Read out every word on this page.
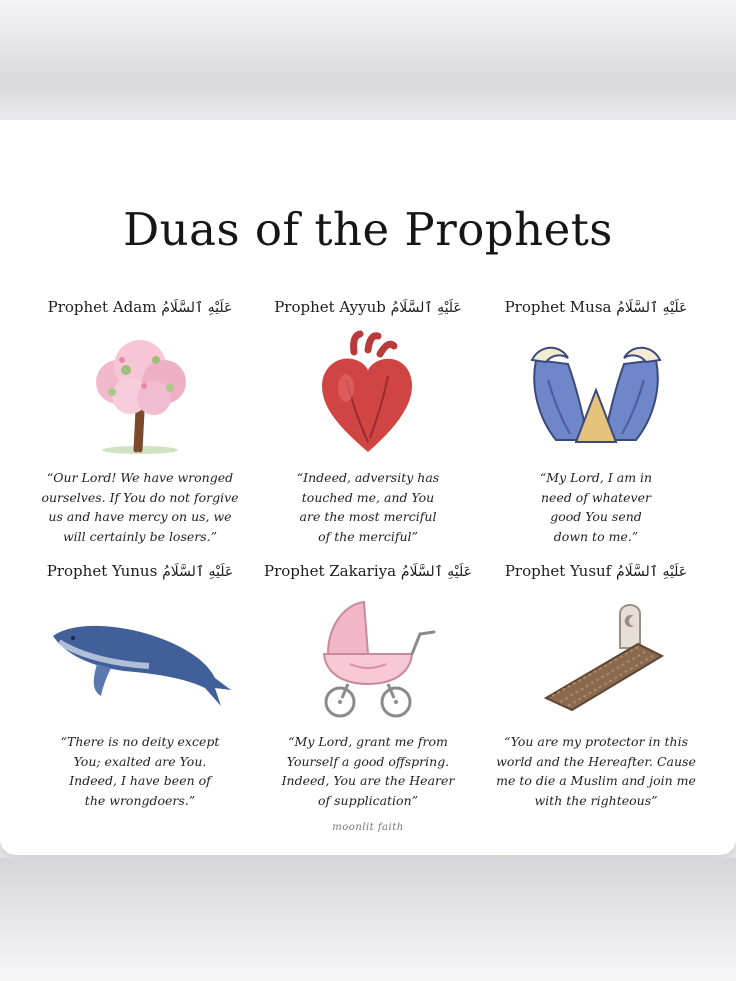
Duas of the Prophets
Prophet Adam عَلَيْهِ ٱلسَّلَامُ
“Our Lord! We have wronged
ourselves. If You do not forgive
us and have mercy on us, we
will certainly be losers.”
Prophet Ayyub عَلَيْهِ ٱلسَّلَامُ
“Indeed, adversity has
touched me, and You
are the most merciful
of the merciful”
Prophet Musa عَلَيْهِ ٱلسَّلَامُ
“My Lord, I am in
need of whatever
good You send
down to me.”
Prophet Yunus عَلَيْهِ ٱلسَّلَامُ
“There is no deity except
You; exalted are You.
Indeed, I have been of
the wrongdoers.”
Prophet Zakariya عَلَيْهِ ٱلسَّلَامُ
“My Lord, grant me from
Yourself a good offspring.
Indeed, You are the Hearer
of supplication”
Prophet Yusuf عَلَيْهِ ٱلسَّلَامُ
“You are my protector in this
world and the Hereafter. Cause
me to die a Muslim and join me
with the righteous”
moonlit faith
